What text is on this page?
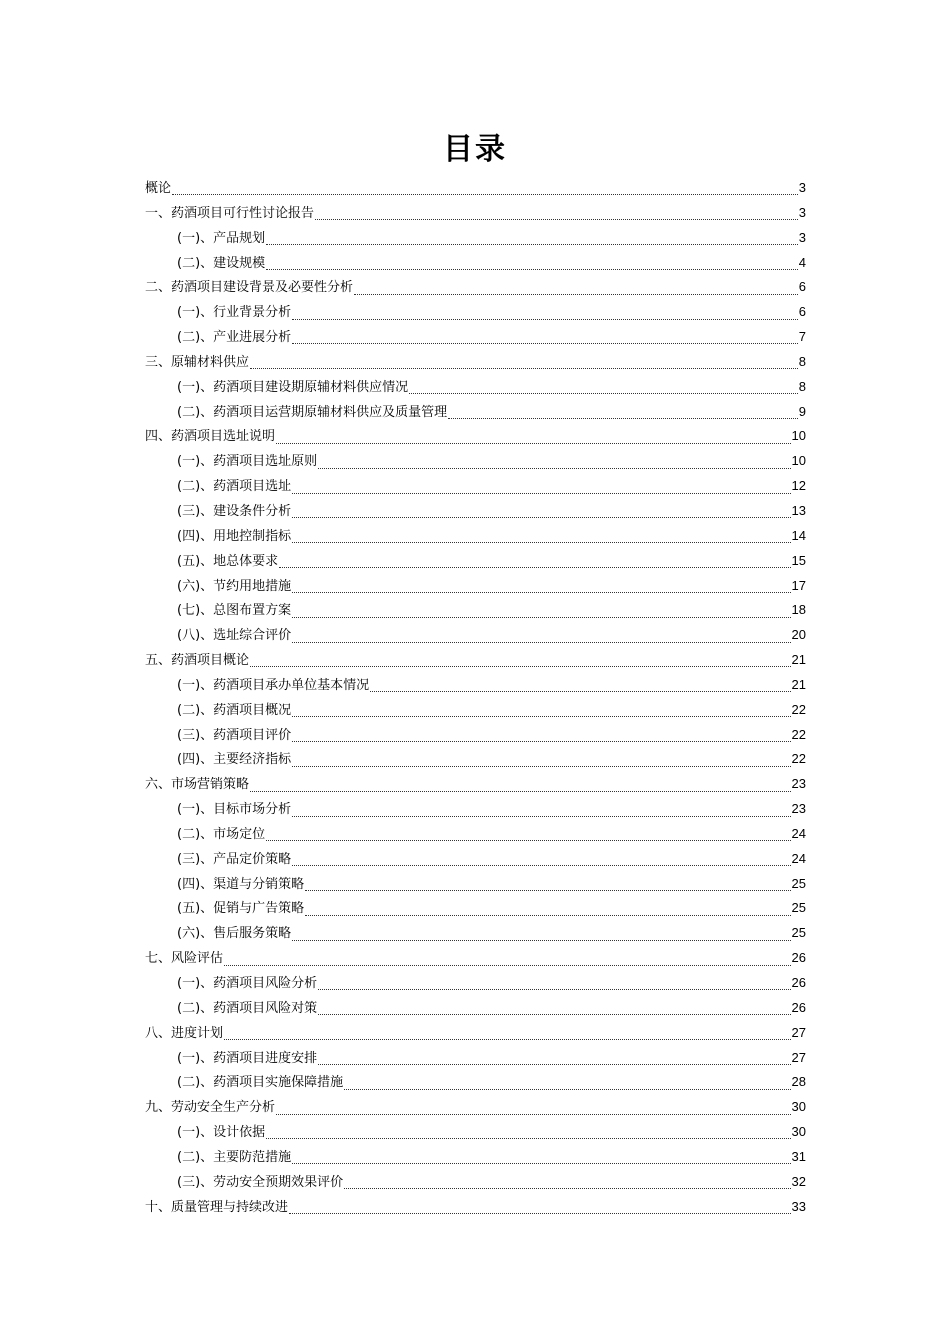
目录
概论	3
一、药酒项目可行性讨论报告	3
(一)、产品规划	3
(二)、建设规模	4
二、药酒项目建设背景及必要性分析	6
(一)、行业背景分析	6
(二)、产业进展分析	7
三、原辅材料供应	8
(一)、药酒项目建设期原辅材料供应情况	8
(二)、药酒项目运营期原辅材料供应及质量管理	9
四、药酒项目选址说明	10
(一)、药酒项目选址原则	10
(二)、药酒项目选址	12
(三)、建设条件分析	13
(四)、用地控制指标	14
(五)、地总体要求	15
(六)、节约用地措施	17
(七)、总图布置方案	18
(八)、选址综合评价	20
五、药酒项目概论	21
(一)、药酒项目承办单位基本情况	21
(二)、药酒项目概况	22
(三)、药酒项目评价	22
(四)、主要经济指标	22
六、市场营销策略	23
(一)、目标市场分析	23
(二)、市场定位	24
(三)、产品定价策略	24
(四)、渠道与分销策略	25
(五)、促销与广告策略	25
(六)、售后服务策略	25
七、风险评估	26
(一)、药酒项目风险分析	26
(二)、药酒项目风险对策	26
八、进度计划	27
(一)、药酒项目进度安排	27
(二)、药酒项目实施保障措施	28
九、劳动安全生产分析	30
(一)、设计依据	30
(二)、主要防范措施	31
(三)、劳动安全预期效果评价	32
十、质量管理与持续改进	33
